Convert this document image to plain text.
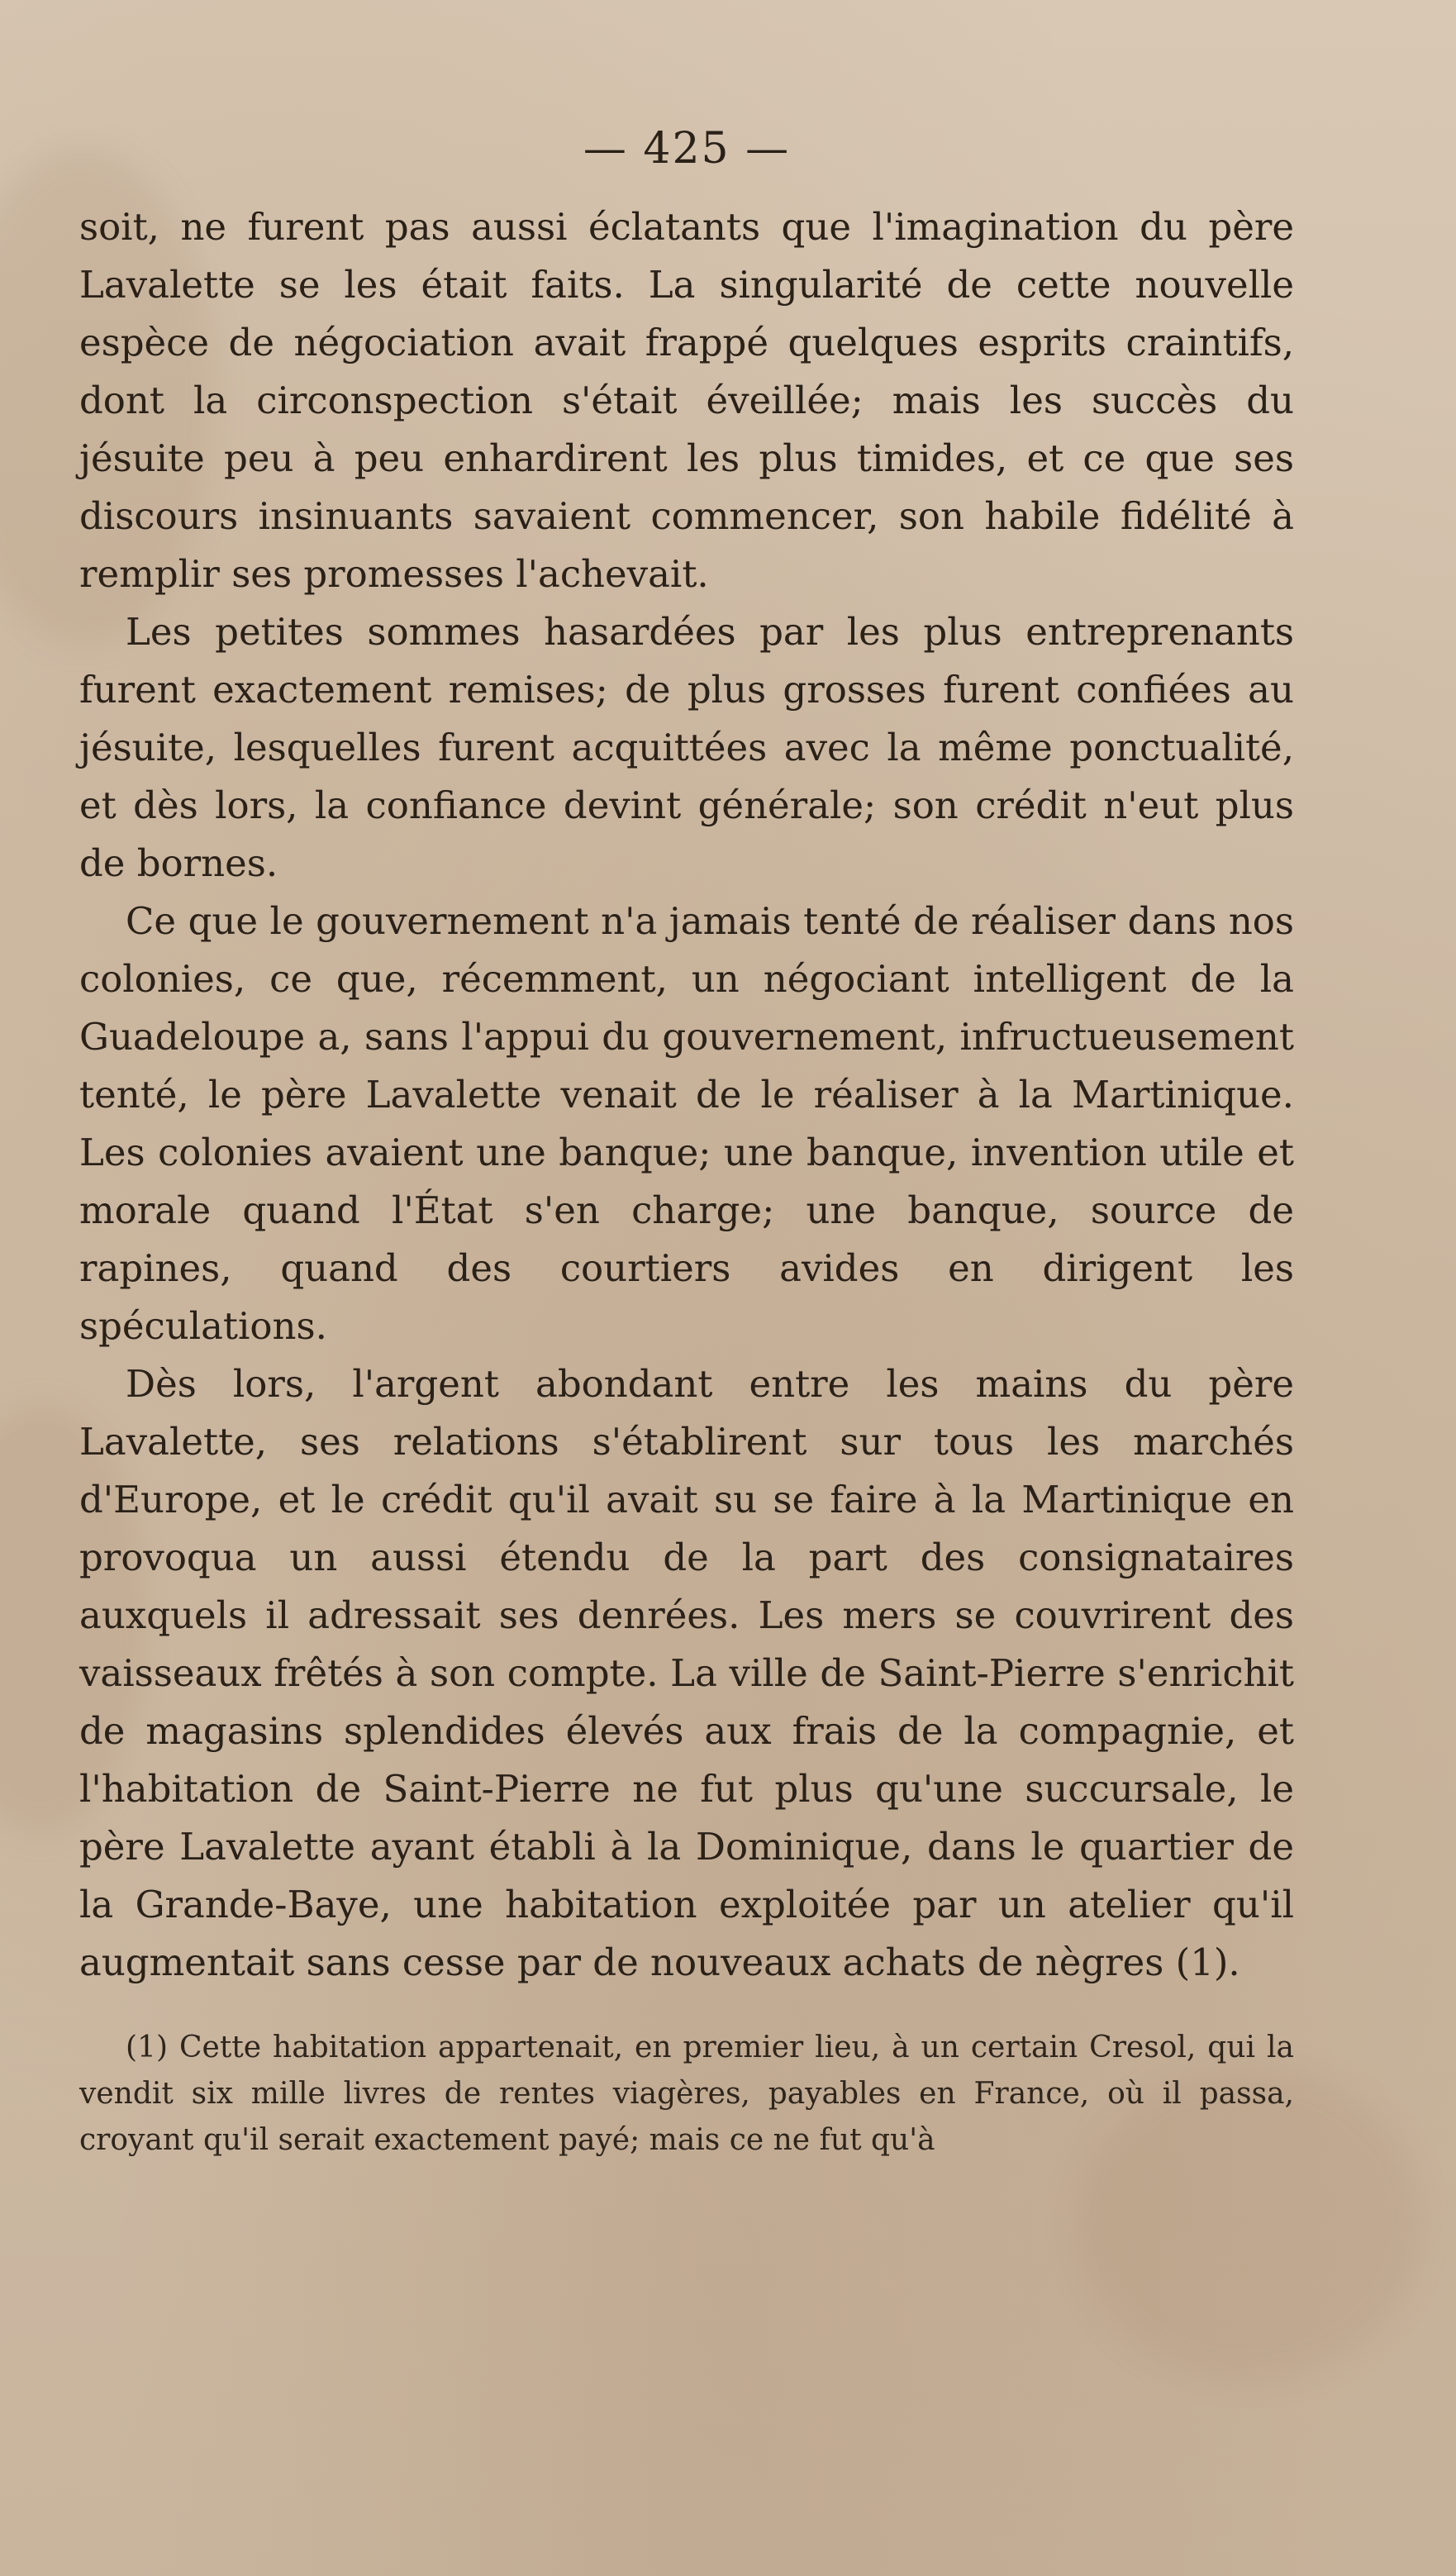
— 425 —

soit, ne furent pas aussi éclatants que l'imagination du père Lavalette se les était faits. La singularité de cette nouvelle espèce de négociation avait frappé quelques esprits craintifs, dont la circonspection s'était éveillée; mais les succès du jésuite peu à peu enhardirent les plus timides, et ce que ses discours insinuants savaient commencer, son habile fidélité à remplir ses promesses l'achevait.

Les petites sommes hasardées par les plus entreprenants furent exactement remises; de plus grosses furent confiées au jésuite, lesquelles furent acquittées avec la même ponctualité, et dès lors, la confiance devint générale; son crédit n'eut plus de bornes.

Ce que le gouvernement n'a jamais tenté de réaliser dans nos colonies, ce que, récemment, un négociant intelligent de la Guadeloupe a, sans l'appui du gouvernement, infructueusement tenté, le père Lavalette venait de le réaliser à la Martinique. Les colonies avaient une banque; une banque, invention utile et morale quand l'État s'en charge; une banque, source de rapines, quand des courtiers avides en dirigent les spéculations.

Dès lors, l'argent abondant entre les mains du père Lavalette, ses relations s'établirent sur tous les marchés d'Europe, et le crédit qu'il avait su se faire à la Martinique en provoqua un aussi étendu de la part des consignataires auxquels il adressait ses denrées. Les mers se couvrirent des vaisseaux frêtés à son compte. La ville de Saint-Pierre s'enrichit de magasins splendides élevés aux frais de la compagnie, et l'habitation de Saint-Pierre ne fut plus qu'une succursale, le père Lavalette ayant établi à la Dominique, dans le quartier de la Grande-Baye, une habitation exploitée par un atelier qu'il augmentait sans cesse par de nouveaux achats de nègres (1).

(1) Cette habitation appartenait, en premier lieu, à un certain Cresol, qui la vendit six mille livres de rentes viagères, payables en France, où il passa, croyant qu'il serait exactement payé; mais ce ne fut qu'à
